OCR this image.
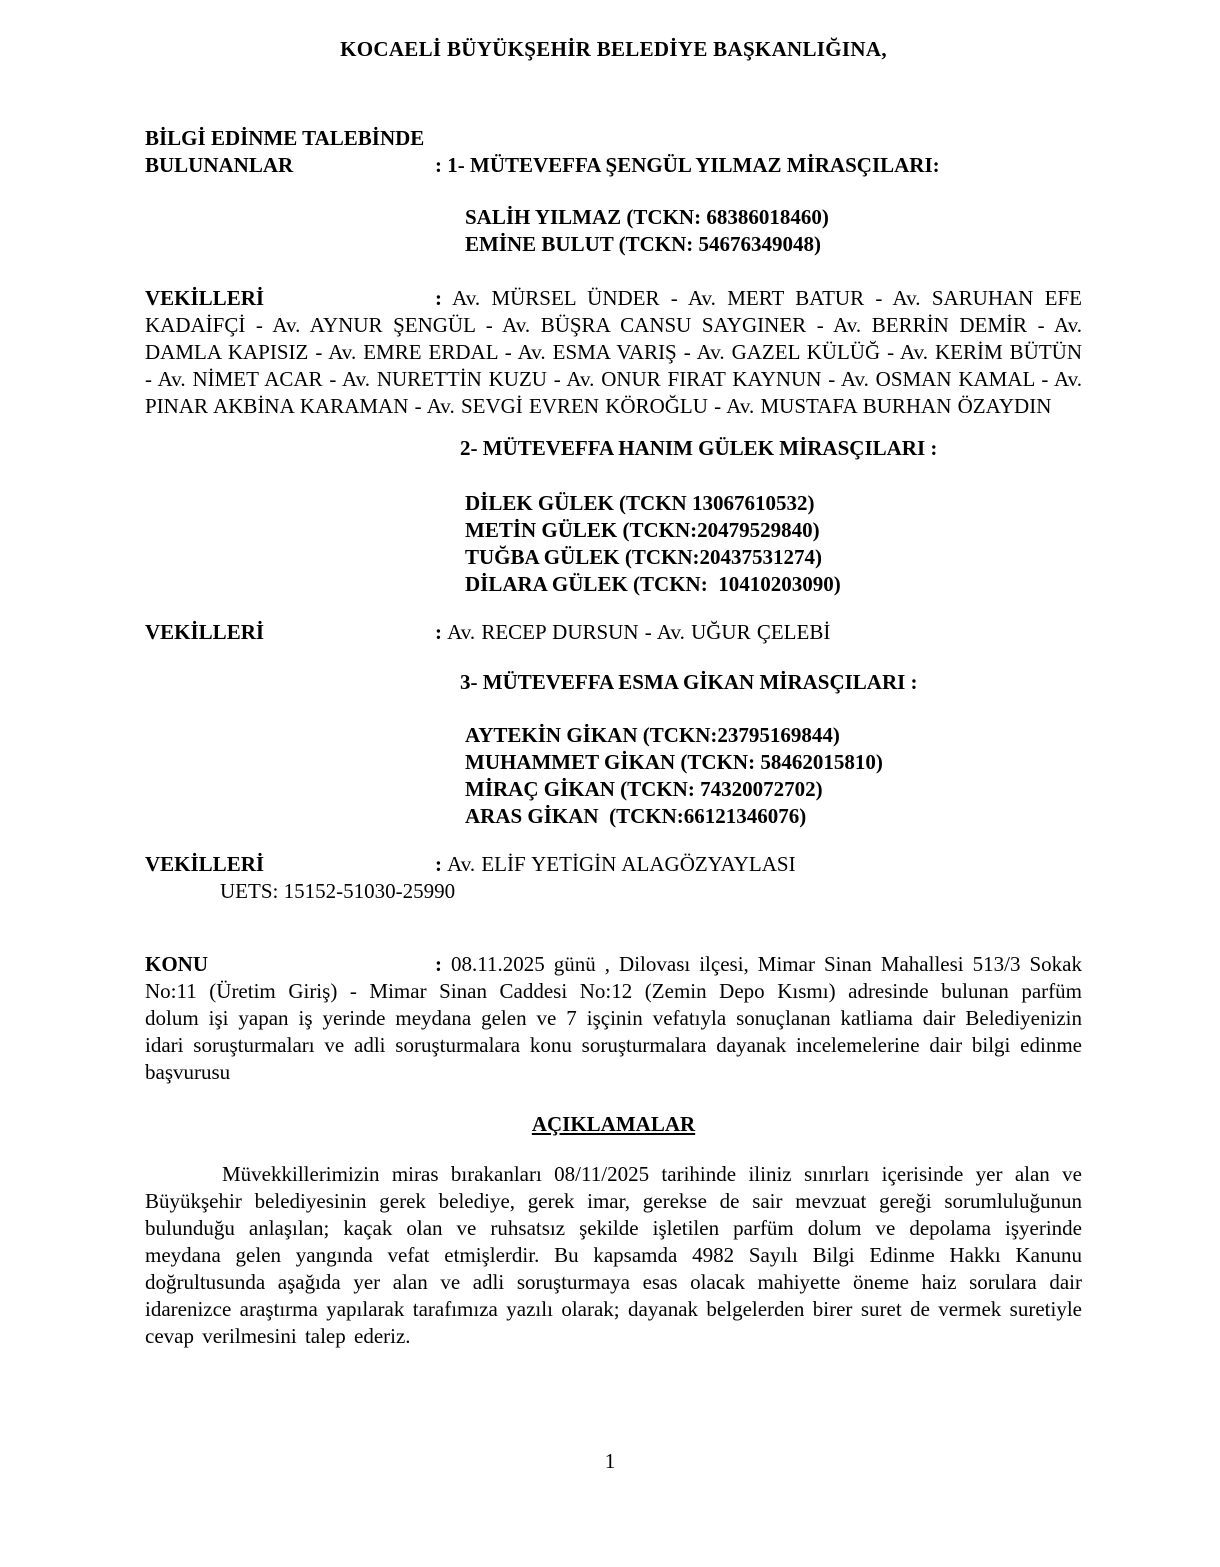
KOCAELİ BÜYÜKŞEHİR BELEDİYE BAŞKANLIĞINA,
BİLGİ EDİNME TALEBİNDE
BULUNANLAR	: 1- MÜTEVEFFA ŞENGÜL YILMAZ MİRASÇILARI:
SALİH YILMAZ (TCKN: 68386018460)
EMİNE BULUT (TCKN: 54676349048)

VEKİLLERİ	: Av. MÜRSEL ÜNDER - Av. MERT BATUR - Av. SARUHAN EFE KADAİFÇİ - Av. AYNUR ŞENGÜL - Av. BÜŞRA CANSU SAYGINER - Av. BERRİN DEMİR - Av. DAMLA KAPISIZ - Av. EMRE ERDAL - Av. ESMA VARIŞ - Av. GAZEL KÜLÜĞ - Av. KERİM BÜTÜN - Av. NİMET ACAR - Av. NURETTİN KUZU - Av. ONUR FIRAT KAYNUN - Av. OSMAN KAMAL - Av. PINAR AKBİNA KARAMAN - Av. SEVGİ EVREN KÖROĞLU - Av. MUSTAFA BURHAN ÖZAYDIN

2- MÜTEVEFFA HANIM GÜLEK MİRASÇILARI :
DİLEK GÜLEK (TCKN 13067610532)
METİN GÜLEK (TCKN:20479529840)
TUĞBA GÜLEK (TCKN:20437531274)
DİLARA GÜLEK (TCKN:  10410203090)

VEKİLLERİ	: Av. RECEP DURSUN - Av. UĞUR ÇELEBİ

3- MÜTEVEFFA ESMA GİKAN MİRASÇILARI :
AYTEKİN GİKAN (TCKN:23795169844)
MUHAMMET GİKAN (TCKN: 58462015810)
MİRAÇ GİKAN (TCKN: 74320072702)
ARAS GİKAN  (TCKN:66121346076)

VEKİLLERİ	: Av. ELİF YETİGİN ALAGÖZYAYLASI

UETS: 15152-51030-25990

KONU	: 08.11.2025 günü , Dilovası ilçesi, Mimar Sinan Mahallesi 513/3 Sokak No:11 (Üretim Giriş) - Mimar Sinan Caddesi No:12 (Zemin Depo Kısmı) adresinde bulunan parfüm dolum işi yapan iş yerinde meydana gelen ve 7 işçinin vefatıyla sonuçlanan katliama dair Belediyenizin idari soruşturmaları ve adli soruşturmalara konu soruşturmalara dayanak incelemelerine dair bilgi edinme başvurusu

AÇIKLAMALAR

Müvekkillerimizin miras bırakanları 08/11/2025 tarihinde iliniz sınırları içerisinde yer alan ve Büyükşehir belediyesinin gerek belediye, gerek imar, gerekse de sair mevzuat gereği sorumluluğunun bulunduğu anlaşılan; kaçak olan ve ruhsatsız şekilde işletilen parfüm dolum ve depolama işyerinde meydana gelen yangında vefat etmişlerdir. Bu kapsamda 4982 Sayılı Bilgi Edinme Hakkı Kanunu doğrultusunda aşağıda yer alan ve adli soruşturmaya esas olacak mahiyette öneme haiz sorulara dair idarenizce araştırma yapılarak tarafımıza yazılı olarak; dayanak belgelerden birer suret de vermek suretiyle cevap verilmesini talep ederiz.

1
